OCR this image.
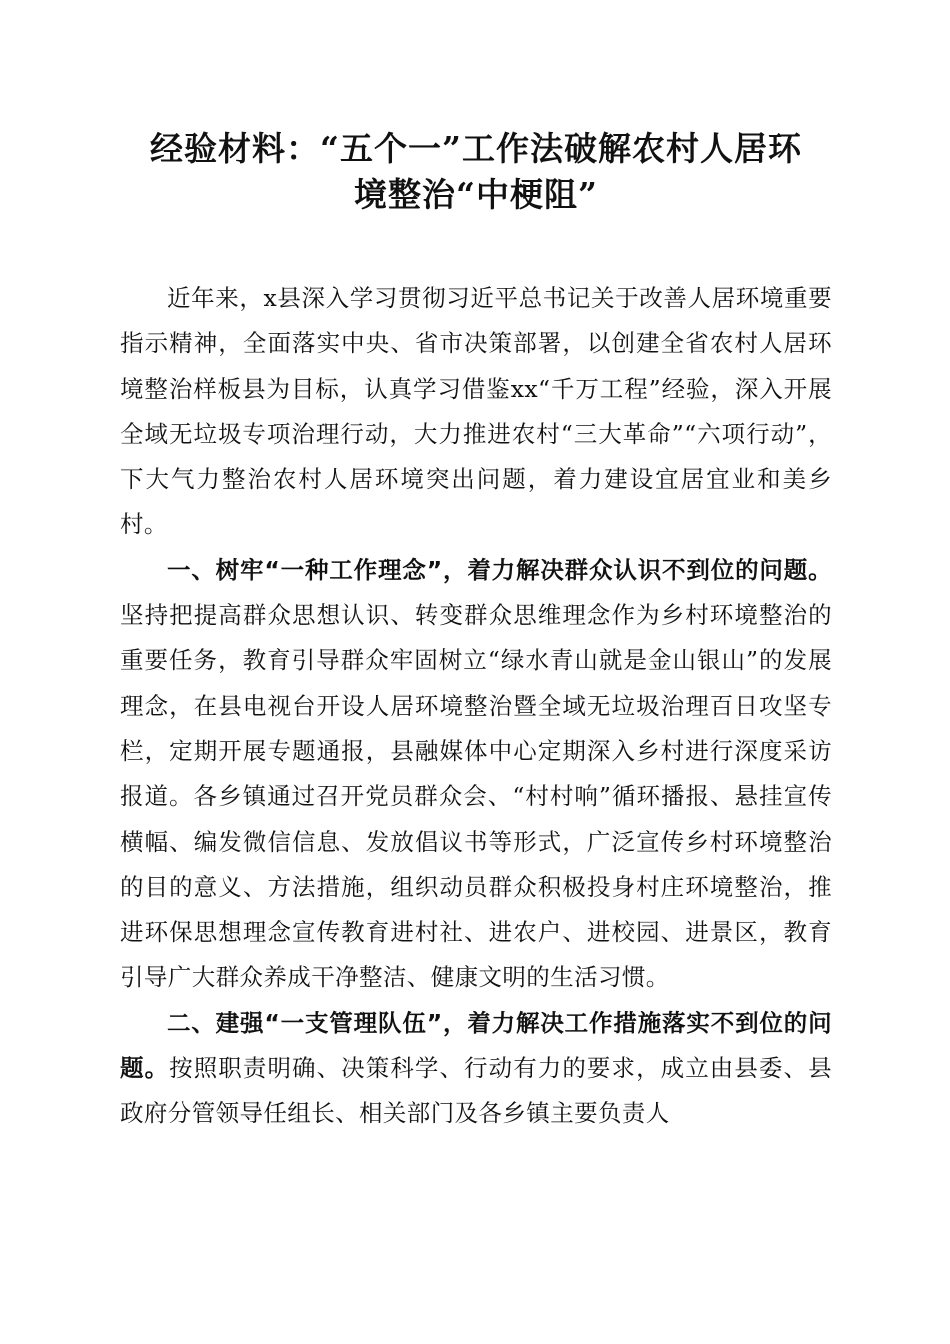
经验材料：“五个一”工作法破解农村人居环
境整治“中梗阻”

近年来，x县深入学习贯彻习近平总书记关于改善人居环境重要指示精神，全面落实中央、省市决策部署，以创建全省农村人居环境整治样板县为目标，认真学习借鉴xx“千万工程”经验，深入开展全域无垃圾专项治理行动，大力推进农村“三大革命”“六项行动”，下大气力整治农村人居环境突出问题，着力建设宜居宜业和美乡村。

一、树牢“一种工作理念”，着力解决群众认识不到位的问题。坚持把提高群众思想认识、转变群众思维理念作为乡村环境整治的重要任务，教育引导群众牢固树立“绿水青山就是金山银山”的发展理念，在县电视台开设人居环境整治暨全域无垃圾治理百日攻坚专栏，定期开展专题通报，县融媒体中心定期深入乡村进行深度采访报道。各乡镇通过召开党员群众会、“村村响”循环播报、悬挂宣传横幅、编发微信信息、发放倡议书等形式，广泛宣传乡村环境整治的目的意义、方法措施，组织动员群众积极投身村庄环境整治，推进环保思想理念宣传教育进村社、进农户、进校园、进景区，教育引导广大群众养成干净整洁、健康文明的生活习惯。

二、建强“一支管理队伍”，着力解决工作措施落实不到位的问题。按照职责明确、决策科学、行动有力的要求，成立由县委、县政府分管领导任组长、相关部门及各乡镇主要负责人
